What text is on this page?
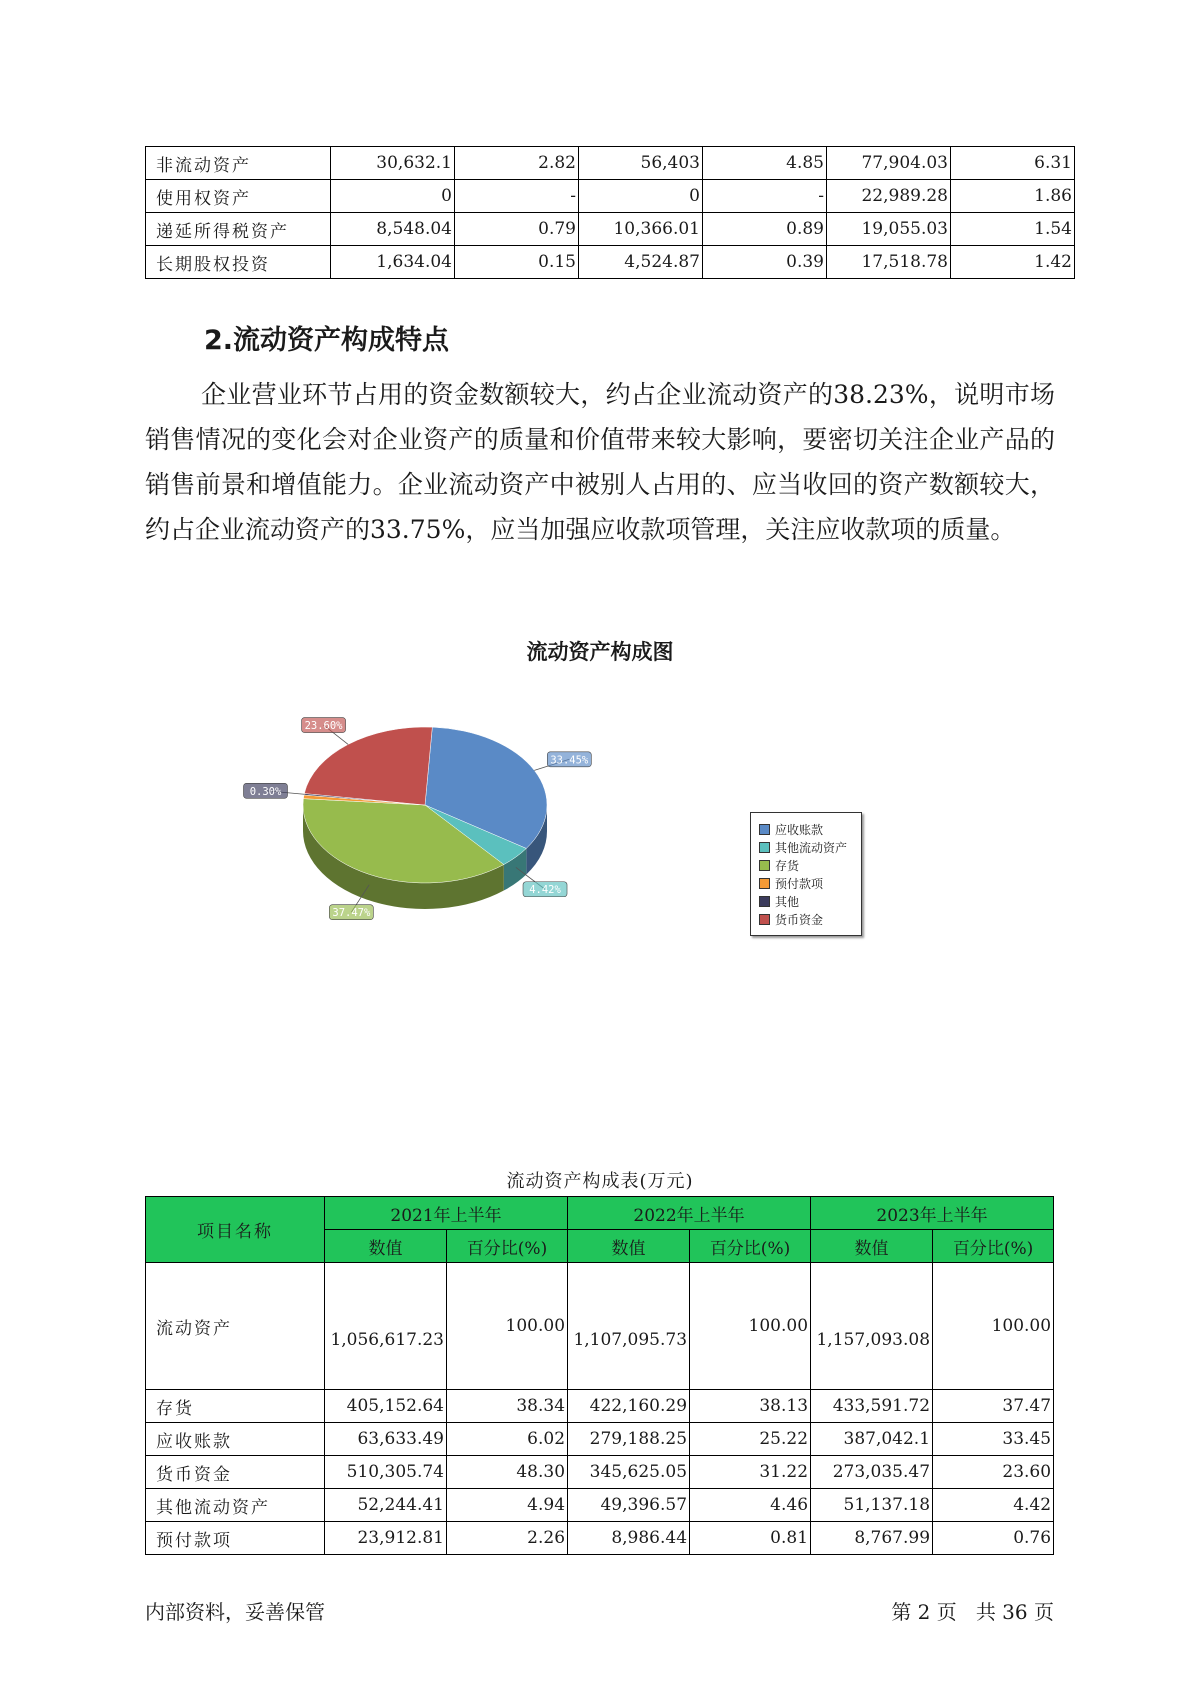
非流动资产	30,632.1	2.82	56,403	4.85	77,904.03	6.31
使用权资产	0	-	0	-	22,989.28	1.86
递延所得税资产	8,548.04	0.79	10,366.01	0.89	19,055.03	1.54
长期股权投资	1,634.04	0.15	4,524.87	0.39	17,518.78	1.42
2.流动资产构成特点

企业营业环节占用的资金数额较大，约占企业流动资产的38.23%，说明市场销售情况的变化会对企业资产的质量和价值带来较大影响，要密切关注企业产品的销售前景和增值能力。企业流动资产中被别人占用的、应当收回的资产数额较大，约占企业流动资产的33.75%，应当加强应收款项管理，关注应收款项的质量。

流动资产构成图
33.45%
4.42%
37.47%
0.30%
23.60%
应收账款
其他流动资产
存货
预付款项
其他
货币资金
流动资产构成表(万元)
项目名称	2021年上半年		2022年上半年		2023年上半年	
	数值	百分比(%)	数值	百分比(%)	数值	百分比(%)
流动资产	1,056,617.23	100.00	1,107,095.73	100.00	1,157,093.08	100.00
存货	405,152.64	38.34	422,160.29	38.13	433,591.72	37.47
应收账款	63,633.49	6.02	279,188.25	25.22	387,042.1	33.45
货币资金	510,305.74	48.30	345,625.05	31.22	273,035.47	23.60
其他流动资产	52,244.41	4.94	49,396.57	4.46	51,137.18	4.42
预付款项	23,912.81	2.26	8,986.44	0.81	8,767.99	0.76
内部资料，妥善保管	第 2 页   共 36 页
